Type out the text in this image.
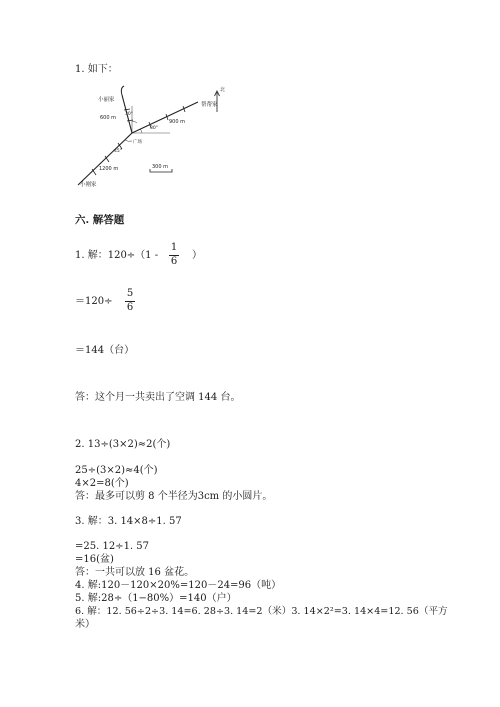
1. 如下：
北
小丽家
600 m
30°
30°
帮帮家
900 m
广场
45°
1200 m
小刚家
300 m
六. 解答题
1. 解：120÷（1 -
1
6
）
＝120÷
5
6
＝144（台）
答：这个月一共卖出了空调 144 台。
2. 13÷(3×2)≈2(个)
25÷(3×2)≈4(个)
4×2=8(个)
答：最多可以剪 8 个半径为3cm 的小圆片。
3. 解：3. 14×8÷1. 57
=25. 12÷1. 57
=16(盆)
答：一共可以放 16 盆花。
4. 解:120－120×20%=120－24=96（吨）
5. 解:28÷（1−80%）=140（户）
6. 解：12. 56÷2÷3. 14=6. 28÷3. 14=2（米）3. 14×2²=3. 14×4=12. 56（平方
米）
